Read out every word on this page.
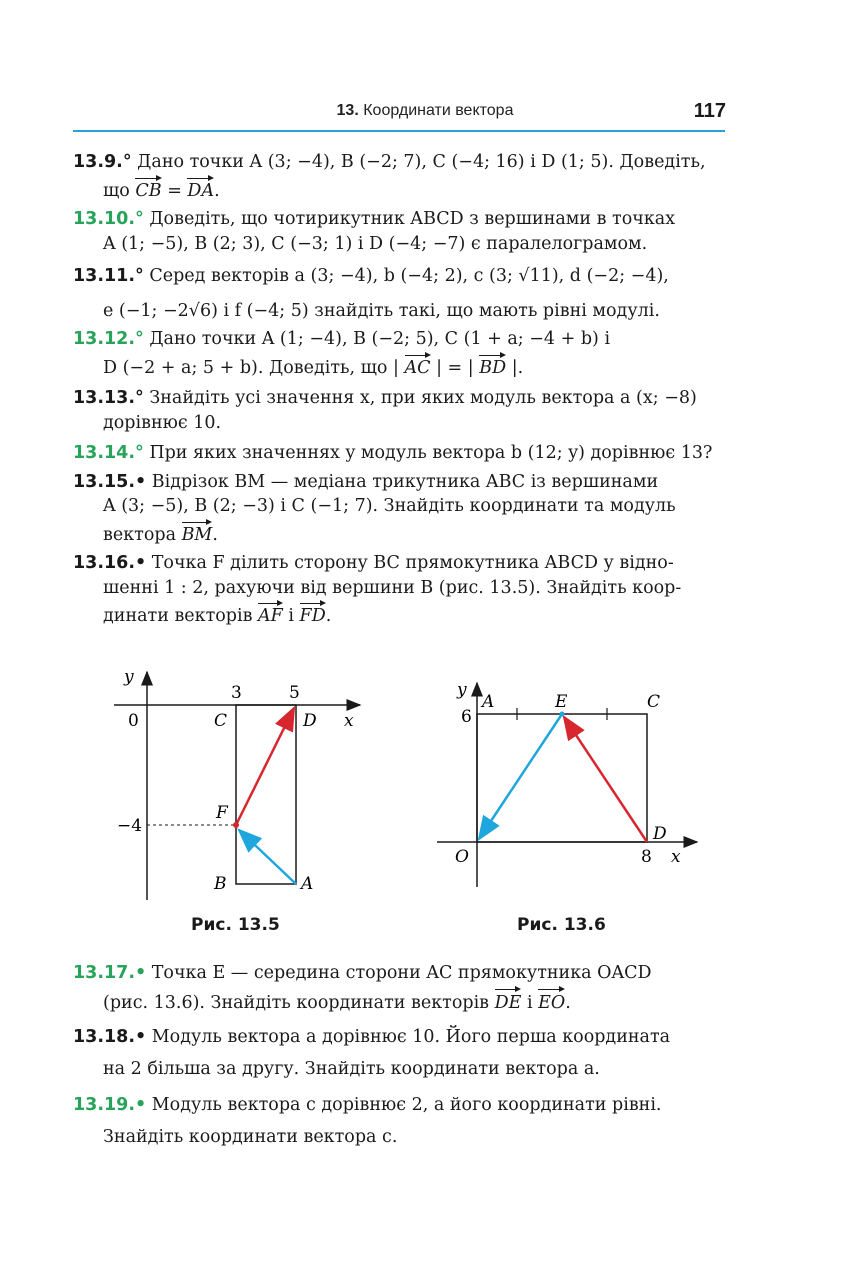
13. Координати вектора	117
13.9.° Дано точки A (3; −4), B (−2; 7), C (−4; 16) і D (1; 5). Доведіть,
що CB = DA.
13.10.° Доведіть, що чотирикутник ABCD з вершинами в точках
A (1; −5), B (2; 3), C (−3; 1) і D (−4; −7) є паралелограмом.
13.11.° Серед векторів a (3; −4), b (−4; 2), c (3; √11), d (−2; −4),

e (−1; −2√6) і f (−4; 5) знайдіть такі, що мають рівні модулі.
13.12.° Дано точки A (1; −4), B (−2; 5), C (1 + a; −4 + b) і
D (−2 + a; 5 + b). Доведіть, що | AC | = | BD |.
13.13.° Знайдіть усі значення x, при яких модуль вектора a (x; −8)
дорівнює 10.
13.14.° При яких значеннях y модуль вектора b (12; y) дорівнює 13?
13.15.• Відрізок BM — медіана трикутника ABC із вершинами
A (3; −5), B (2; −3) і C (−1; 7). Знайдіть координати та модуль
вектора BM.
13.16.• Точка F ділить сторону BC прямокутника ABCD у відно-
шенні 1 : 2, рахуючи від вершини B (рис. 13.5). Знайдіть коор-
динати векторів AF і FD.
y
x
0
3	5
−4
C	D
F
B	A
Рис. 13.5
y
6
A	E	C
D
O	8 x
Рис. 13.6
13.17.• Точка E — середина сторони AC прямокутника OACD
(рис. 13.6). Знайдіть координати векторів DE і EO.
13.18.• Модуль вектора a дорівнює 10. Його перша координата

на 2 більша за другу. Знайдіть координати вектора a.
13.19.• Модуль вектора c дорівнює 2, а його координати рівні.

Знайдіть координати вектора c.
